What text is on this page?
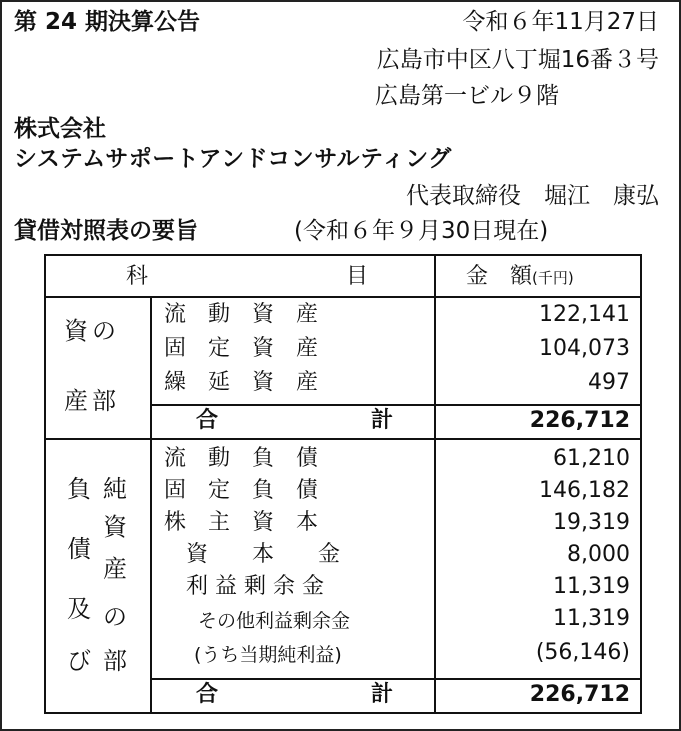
第 24 期決算公告	令和６年11月27日
広島市中区八丁堀16番３号
広島第一ビル９階
株式会社
システムサポートアンドコンサルティング
代表取締役　堀江　康弘
貸借対照表の要旨	(令和６年９月30日現在)
科	目	金　額(千円)
資の
産部
流　動　資　産	122,141
固　定　資　産	104,073
繰　延　資　産	497
合	計	226,712
負
債
及
び
純
資
産
の
部
流　動　負　債	61,210
固　定　負　債	146,182
株　主　資　本	19,319
資　　本　　金	8,000
利 益 剰 余 金	11,319
その他利益剰余金	11,319
(うち当期純利益)	(56,146)
合	計	226,712
